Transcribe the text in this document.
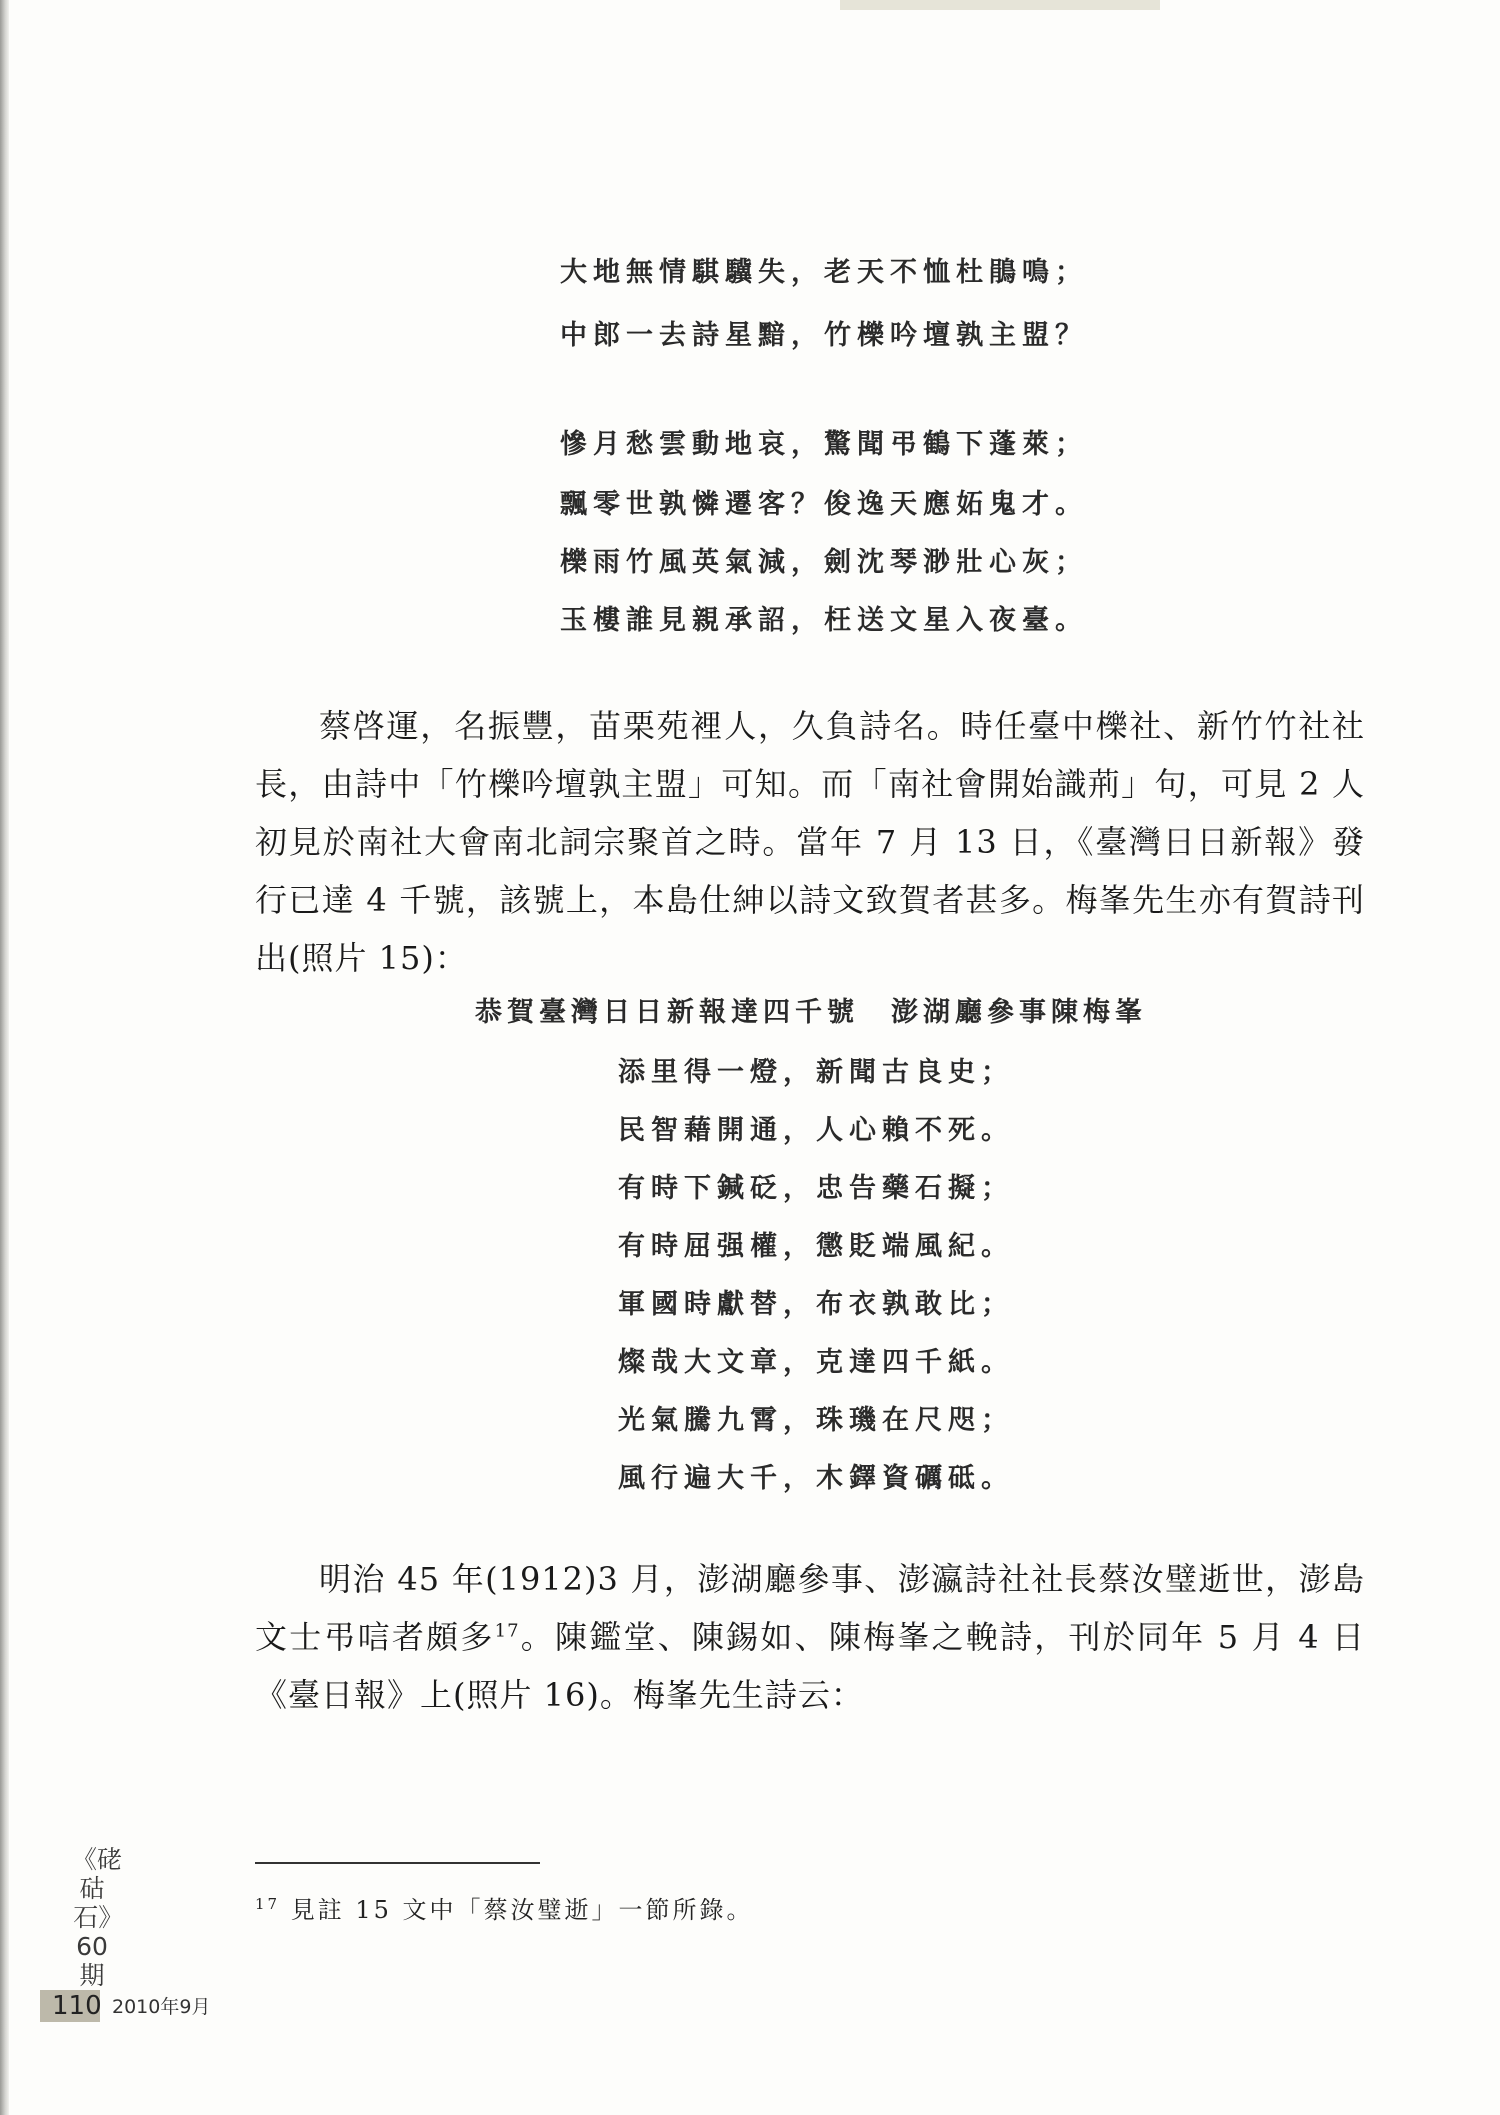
大地無情騏驥失，老天不恤杜鵑鳴；
中郎一去詩星黯，竹櫟吟壇孰主盟？
慘月愁雲動地哀，驚聞弔鶴下蓬萊；
飄零世孰憐遷客？俊逸天應妬鬼才。
櫟雨竹風英氣減，劍沈琴渺壯心灰；
玉樓誰見親承詔，枉送文星入夜臺。

蔡啓運，名振豐，苗栗苑裡人，久負詩名。時任臺中櫟社、新竹竹社社長，由詩中「竹櫟吟壇孰主盟」可知。而「南社會開始識荊」句，可見 2 人初見於南社大會南北詞宗聚首之時。當年 7 月 13 日，《臺灣日日新報》發行已達 4 千號，該號上，本島仕紳以詩文致賀者甚多。梅峯先生亦有賀詩刊出(照片 15)：

恭賀臺灣日日新報達四千號　澎湖廳參事陳梅峯
添里得一燈，新聞古良史；
民智藉開通，人心賴不死。
有時下鍼砭，忠告藥石擬；
有時屈强權，懲貶端風紀。
軍國時獻替，布衣孰敢比；
燦哉大文章，克達四千紙。
光氣騰九霄，珠璣在尺咫；
風行遍大千，木鐸資礪砥。

明治 45 年(1912)3 月，澎湖廳參事、澎瀛詩社社長蔡汝璧逝世，澎島文士弔唁者頗多$^{17}$。陳鑑堂、陳錫如、陳梅峯之輓詩，刊於同年 5 月 4 日《臺日報》上(照片 16)。梅峯先生詩云：

$^{17}$ 見註 15 文中「蔡汝璧逝」一節所錄。
《硓𥑮石》60期
110 2010年9月
